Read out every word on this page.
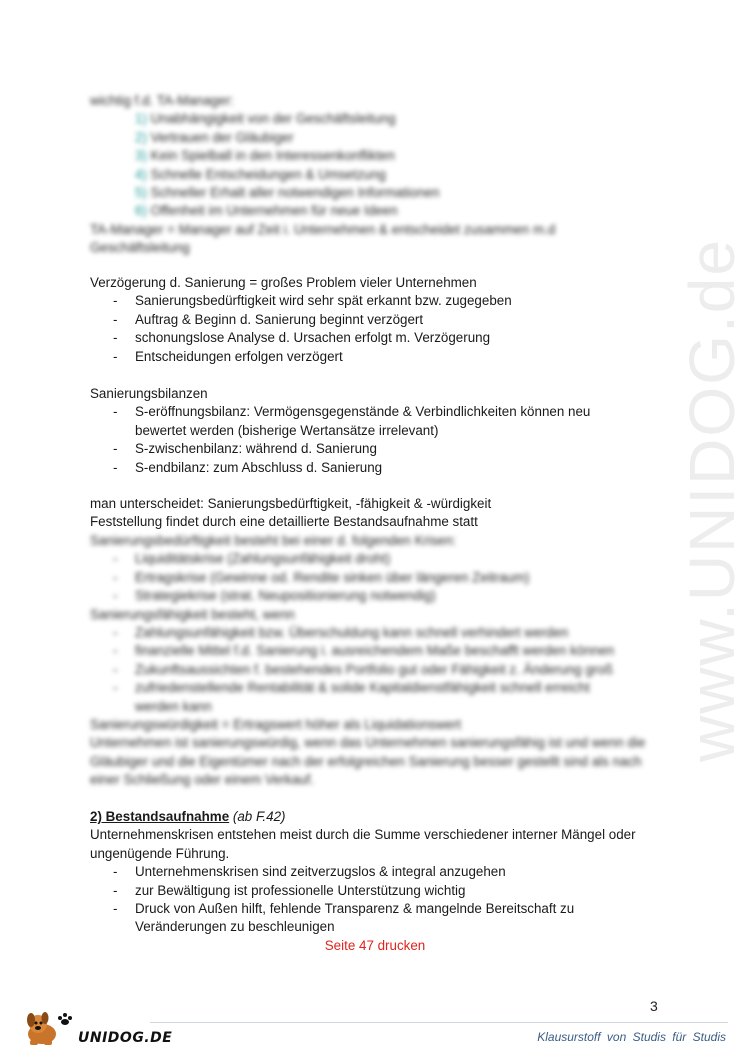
www.UNIDOG.de
wichtig f.d. TA-Manager:
1) Unabhängigkeit von der Geschäftsleitung
2) Vertrauen der Gläubiger
3) Kein Spielball in den Interessenkonflikten
4) Schnelle Entscheidungen & Umsetzung
5) Schneller Erhalt aller notwendigen Informationen
6) Offenheit im Unternehmen für neue Ideen
TA-Manager = Manager auf Zeit i. Unternehmen & entscheidet zusammen m.d Geschäftsleitung
Verzögerung d. Sanierung = großes Problem vieler Unternehmen
- Sanierungsbedürftigkeit wird sehr spät erkannt bzw. zugegeben
- Auftrag & Beginn d. Sanierung beginnt verzögert
- schonungslose Analyse d. Ursachen erfolgt m. Verzögerung
- Entscheidungen erfolgen verzögert
Sanierungsbilanzen
- S-eröffnungsbilanz: Vermögensgegenstände & Verbindlichkeiten können neu bewertet werden (bisherige Wertansätze irrelevant)
- S-zwischenbilanz: während d. Sanierung
- S-endbilanz: zum Abschluss d. Sanierung
man unterscheidet: Sanierungsbedürftigkeit, -fähigkeit & -würdigkeit
Feststellung findet durch eine detaillierte Bestandsaufnahme statt
Sanierungsbedürftigkeit besteht bei einer d. folgenden Krisen:
- Liquiditätskrise (Zahlungsunfähigkeit droht)
- Ertragskrise (Gewinne od. Rendite sinken über längeren Zeitraum)
- Strategiekrise (strat. Neupositionierung notwendig)
Sanierungsfähigkeit besteht, wenn
- Zahlungsunfähigkeit bzw. Überschuldung kann schnell verhindert werden
- finanzielle Mittel f.d. Sanierung i. ausreichendem Maße beschafft werden können
- Zukunftsaussichten f. bestehendes Portfolio gut oder Fähigkeit z. Änderung groß
- zufriedenstellende Rentabilität & solide Kapitaldienstfähigkeit schnell erreicht werden kann
Sanierungswürdigkeit = Ertragswert höher als Liquidationswert
Unternehmen ist sanierungswürdig, wenn das Unternehmen sanierungsfähig ist und wenn die Gläubiger und die Eigentümer nach der erfolgreichen Sanierung besser gestellt sind als nach einer Schließung oder einem Verkauf.
2) Bestandsaufnahme (ab F.42)
Unternehmenskrisen entstehen meist durch die Summe verschiedener interner Mängel oder ungenügende Führung.
- Unternehmenskrisen sind zeitverzugslos & integral anzugehen
- zur Bewältigung ist professionelle Unterstützung wichtig
- Druck von Außen hilft, fehlende Transparenz & mangelnde Bereitschaft zu Veränderungen zu beschleunigen
Seite 47 drucken
3
UNIDOG.DE	Klausurstoff von Studis für Studis
